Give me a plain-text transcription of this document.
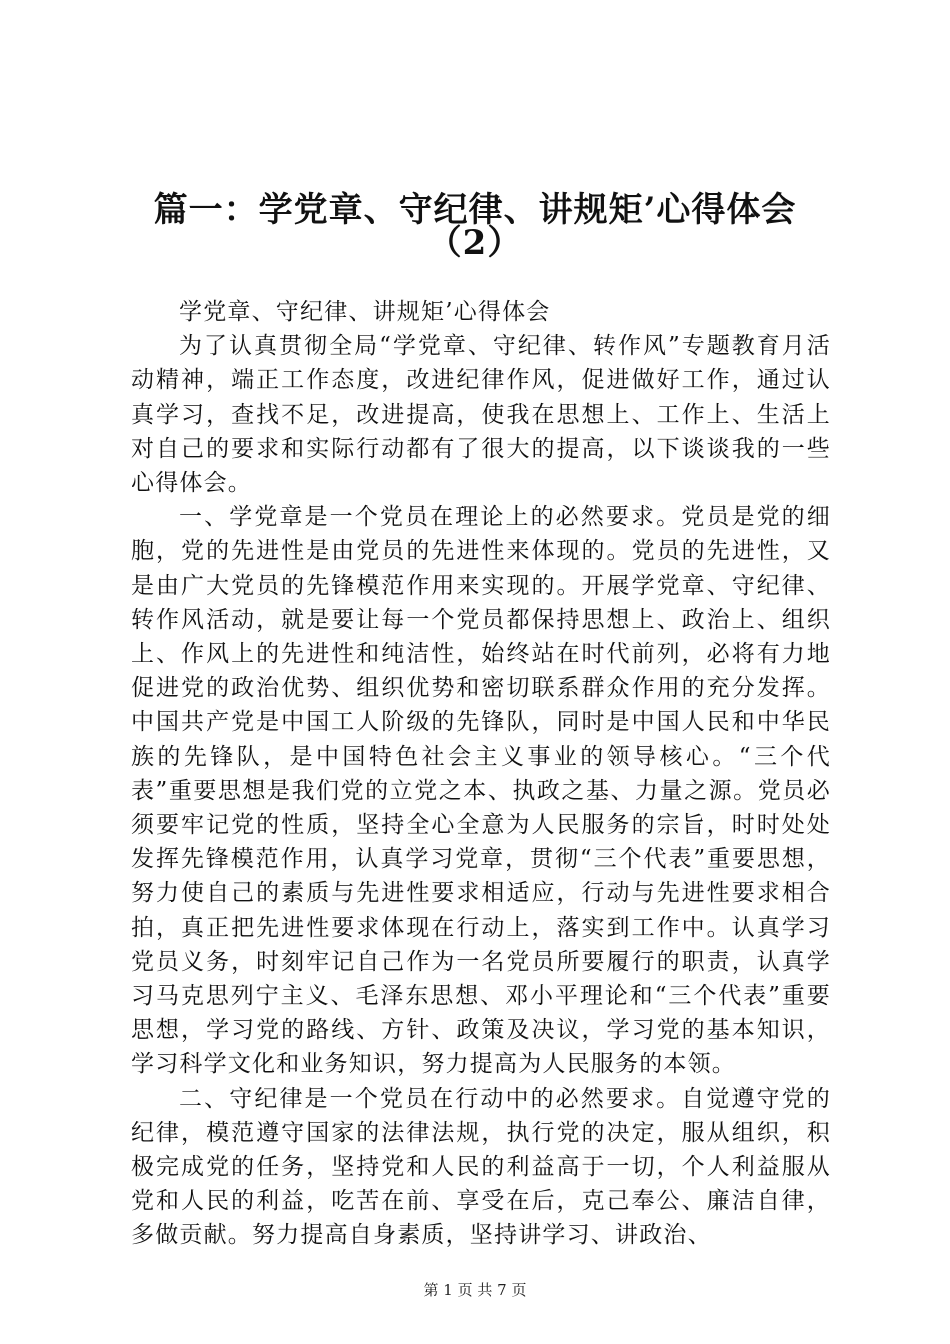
篇一：学党章、守纪律、讲规矩’心得体会
（2）

学党章、守纪律、讲规矩’心得体会

为了认真贯彻全局“学党章、守纪律、转作风”专题教育月活动精神，端正工作态度，改进纪律作风，促进做好工作，通过认真学习，查找不足，改进提高，使我在思想上、工作上、生活上对自己的要求和实际行动都有了很大的提高，以下谈谈我的一些心得体会。

一、学党章是一个党员在理论上的必然要求。党员是党的细胞，党的先进性是由党员的先进性来体现的。党员的先进性，又是由广大党员的先锋模范作用来实现的。开展学党章、守纪律、转作风活动，就是要让每一个党员都保持思想上、政治上、组织上、作风上的先进性和纯洁性，始终站在时代前列，必将有力地促进党的政治优势、组织优势和密切联系群众作用的充分发挥。中国共产党是中国工人阶级的先锋队，同时是中国人民和中华民族的先锋队，是中国特色社会主义事业的领导核心。“三个代表”重要思想是我们党的立党之本、执政之基、力量之源。党员必须要牢记党的性质，坚持全心全意为人民服务的宗旨，时时处处发挥先锋模范作用，认真学习党章，贯彻“三个代表”重要思想，努力使自己的素质与先进性要求相适应，行动与先进性要求相合拍，真正把先进性要求体现在行动上，落实到工作中。认真学习党员义务，时刻牢记自己作为一名党员所要履行的职责，认真学习马克思列宁主义、毛泽东思想、邓小平理论和“三个代表”重要思想，学习党的路线、方针、政策及决议，学习党的基本知识，学习科学文化和业务知识，努力提高为人民服务的本领。

二、守纪律是一个党员在行动中的必然要求。自觉遵守党的纪律，模范遵守国家的法律法规，执行党的决定，服从组织，积极完成党的任务，坚持党和人民的利益高于一切，个人利益服从党和人民的利益，吃苦在前、享受在后，克己奉公、廉洁自律，多做贡献。努力提高自身素质，坚持讲学习、讲政治、

第 1 页 共 7 页
